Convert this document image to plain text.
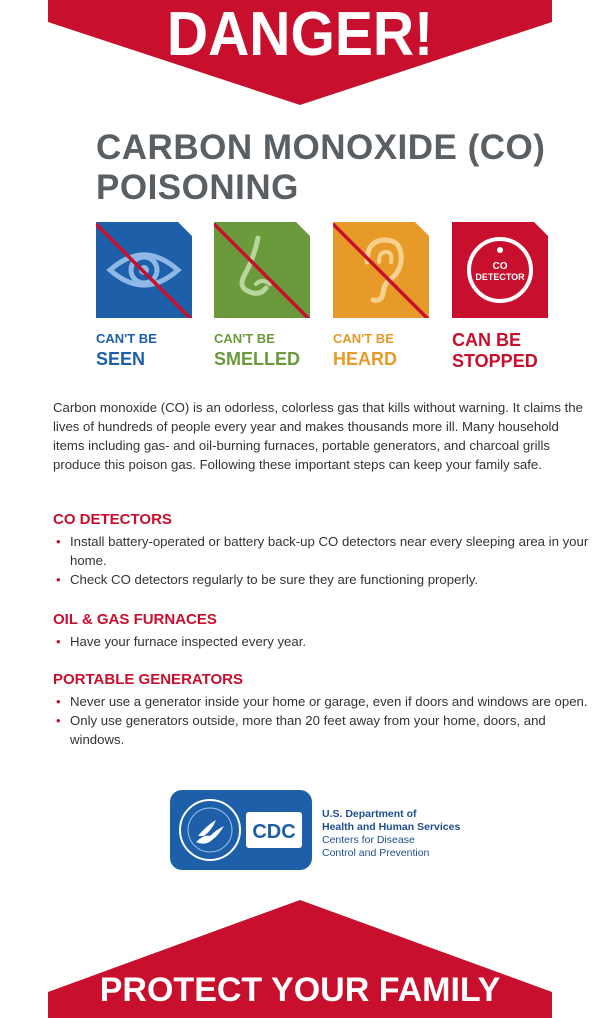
DANGER!
CARBON MONOXIDE (CO)
POISONING
CAN'T BE
SEEN
CAN'T BE
SMELLED
CAN'T BE
HEARD
CO
DETECTOR
CAN BE
STOPPED

Carbon monoxide (CO) is an odorless, colorless gas that kills without warning. It claims the lives of hundreds of people every year and makes thousands more ill. Many household items including gas- and oil-burning furnaces, portable generators, and charcoal grills produce this poison gas. Following these important steps can keep your family safe.

CO DETECTORS
• Install battery-operated or battery back-up CO detectors near every sleeping area in your home.
• Check CO detectors regularly to be sure they are functioning properly.
OIL & GAS FURNACES
• Have your furnace inspected every year.
PORTABLE GENERATORS
• Never use a generator inside your home or garage, even if doors and windows are open.
• Only use generators outside, more than 20 feet away from your home, doors, and windows.
CDC
U.S. Department of
Health and Human Services
Centers for Disease
Control and Prevention
PROTECT YOUR FAMILY
